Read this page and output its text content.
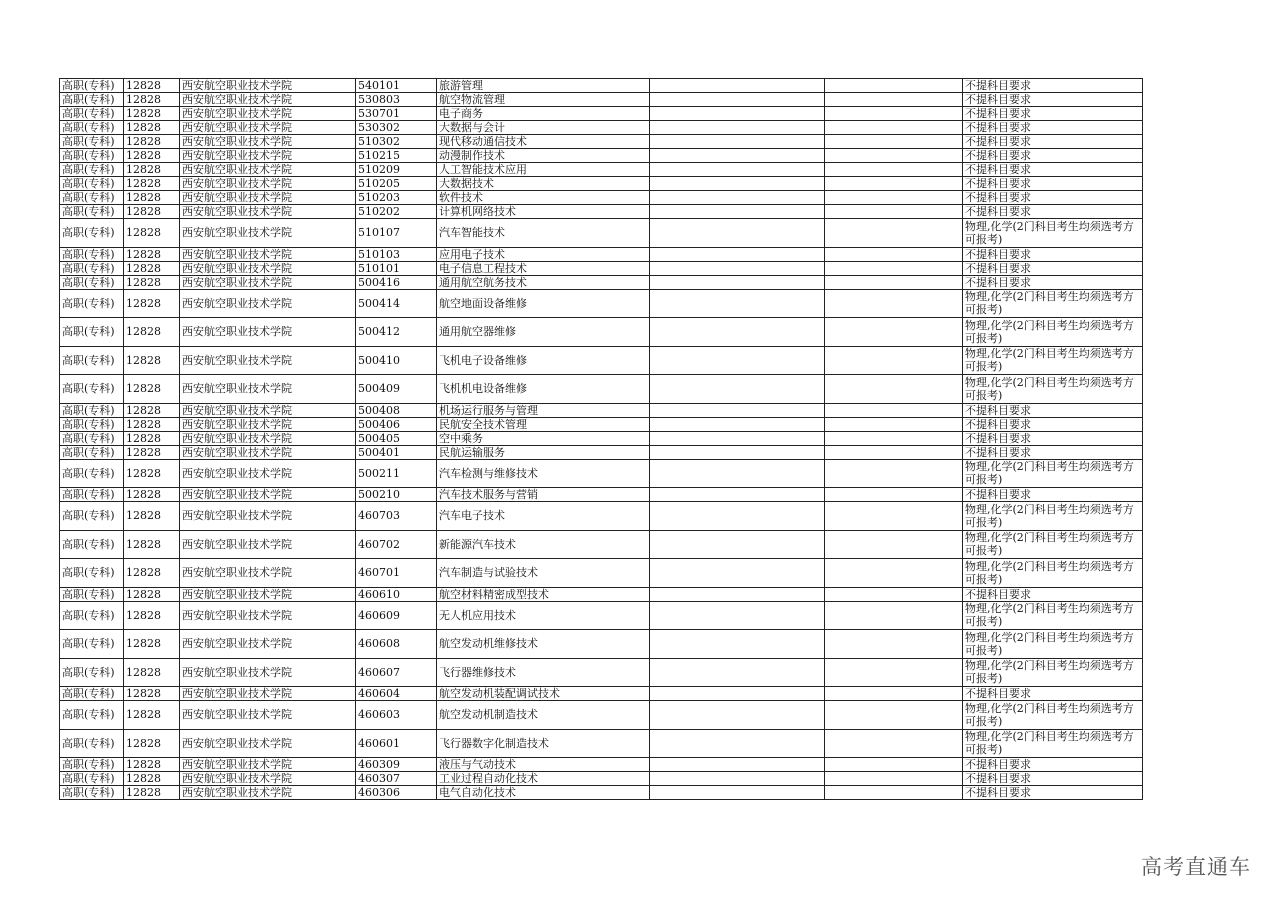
高职(专科)	12828	西安航空职业技术学院	540101	旅游管理			不提科目要求
高职(专科)	12828	西安航空职业技术学院	530803	航空物流管理			不提科目要求
高职(专科)	12828	西安航空职业技术学院	530701	电子商务			不提科目要求
高职(专科)	12828	西安航空职业技术学院	530302	大数据与会计			不提科目要求
高职(专科)	12828	西安航空职业技术学院	510302	现代移动通信技术			不提科目要求
高职(专科)	12828	西安航空职业技术学院	510215	动漫制作技术			不提科目要求
高职(专科)	12828	西安航空职业技术学院	510209	人工智能技术应用			不提科目要求
高职(专科)	12828	西安航空职业技术学院	510205	大数据技术			不提科目要求
高职(专科)	12828	西安航空职业技术学院	510203	软件技术			不提科目要求
高职(专科)	12828	西安航空职业技术学院	510202	计算机网络技术			不提科目要求
高职(专科)	12828	西安航空职业技术学院	510107	汽车智能技术			物理,化学(2门科目考生均须选考方可报考)
高职(专科)	12828	西安航空职业技术学院	510103	应用电子技术			不提科目要求
高职(专科)	12828	西安航空职业技术学院	510101	电子信息工程技术			不提科目要求
高职(专科)	12828	西安航空职业技术学院	500416	通用航空航务技术			不提科目要求
高职(专科)	12828	西安航空职业技术学院	500414	航空地面设备维修			物理,化学(2门科目考生均须选考方可报考)
高职(专科)	12828	西安航空职业技术学院	500412	通用航空器维修			物理,化学(2门科目考生均须选考方可报考)
高职(专科)	12828	西安航空职业技术学院	500410	飞机电子设备维修			物理,化学(2门科目考生均须选考方可报考)
高职(专科)	12828	西安航空职业技术学院	500409	飞机机电设备维修			物理,化学(2门科目考生均须选考方可报考)
高职(专科)	12828	西安航空职业技术学院	500408	机场运行服务与管理			不提科目要求
高职(专科)	12828	西安航空职业技术学院	500406	民航安全技术管理			不提科目要求
高职(专科)	12828	西安航空职业技术学院	500405	空中乘务			不提科目要求
高职(专科)	12828	西安航空职业技术学院	500401	民航运输服务			不提科目要求
高职(专科)	12828	西安航空职业技术学院	500211	汽车检测与维修技术			物理,化学(2门科目考生均须选考方可报考)
高职(专科)	12828	西安航空职业技术学院	500210	汽车技术服务与营销			不提科目要求
高职(专科)	12828	西安航空职业技术学院	460703	汽车电子技术			物理,化学(2门科目考生均须选考方可报考)
高职(专科)	12828	西安航空职业技术学院	460702	新能源汽车技术			物理,化学(2门科目考生均须选考方可报考)
高职(专科)	12828	西安航空职业技术学院	460701	汽车制造与试验技术			物理,化学(2门科目考生均须选考方可报考)
高职(专科)	12828	西安航空职业技术学院	460610	航空材料精密成型技术			不提科目要求
高职(专科)	12828	西安航空职业技术学院	460609	无人机应用技术			物理,化学(2门科目考生均须选考方可报考)
高职(专科)	12828	西安航空职业技术学院	460608	航空发动机维修技术			物理,化学(2门科目考生均须选考方可报考)
高职(专科)	12828	西安航空职业技术学院	460607	飞行器维修技术			物理,化学(2门科目考生均须选考方可报考)
高职(专科)	12828	西安航空职业技术学院	460604	航空发动机装配调试技术			不提科目要求
高职(专科)	12828	西安航空职业技术学院	460603	航空发动机制造技术			物理,化学(2门科目考生均须选考方可报考)
高职(专科)	12828	西安航空职业技术学院	460601	飞行器数字化制造技术			物理,化学(2门科目考生均须选考方可报考)
高职(专科)	12828	西安航空职业技术学院	460309	液压与气动技术			不提科目要求
高职(专科)	12828	西安航空职业技术学院	460307	工业过程自动化技术			不提科目要求
高职(专科)	12828	西安航空职业技术学院	460306	电气自动化技术			不提科目要求
高考直通车
